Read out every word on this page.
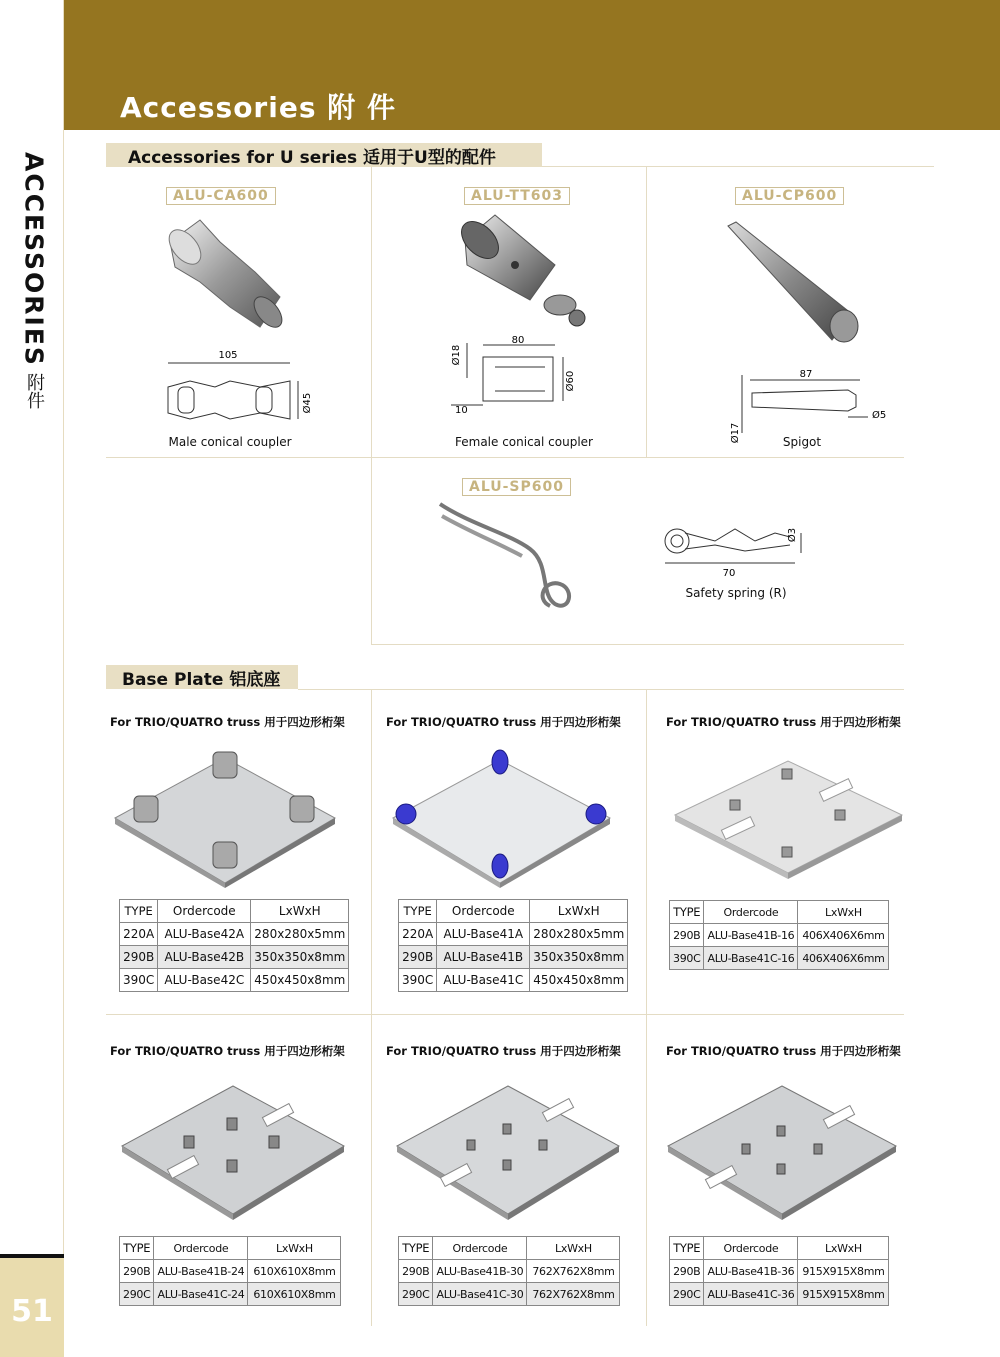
ACCESSORIES
附件
51
Accessories 附 件
Accessories for U series 适用于U型的配件
ALU-CA600
105
Ø45
Male conical coupler
ALU-TT603
80
Ø18
Ø60
10
Female conical coupler
ALU-CP600
87
Ø17
Ø5
Spigot
ALU-SP600
70
Ø3
Safety spring (R)
Base Plate 铝底座
For TRIO/QUATRO truss 用于四边形桁架	For TRIO/QUATRO truss 用于四边形桁架	For TRIO/QUATRO truss 用于四边形桁架
For TRIO/QUATRO truss 用于四边形桁架	For TRIO/QUATRO truss 用于四边形桁架	For TRIO/QUATRO truss 用于四边形桁架
TYPE	Ordercode	LxWxH
220A	ALU-Base42A	280x280x5mm
290B	ALU-Base42B	350x350x8mm
390C	ALU-Base42C	450x450x8mm
TYPE	Ordercode	LxWxH
220A	ALU-Base41A	280x280x5mm
290B	ALU-Base41B	350x350x8mm
390C	ALU-Base41C	450x450x8mm
TYPE	Ordercode	LxWxH
290B	ALU-Base41B-16	406X406X6mm
390C	ALU-Base41C-16	406X406X6mm
TYPE	Ordercode	LxWxH
290B	ALU-Base41B-24	610X610X8mm
290C	ALU-Base41C-24	610X610X8mm
TYPE	Ordercode	LxWxH
290B	ALU-Base41B-30	762X762X8mm
290C	ALU-Base41C-30	762X762X8mm
TYPE	Ordercode	LxWxH
290B	ALU-Base41B-36	915X915X8mm
290C	ALU-Base41C-36	915X915X8mm
